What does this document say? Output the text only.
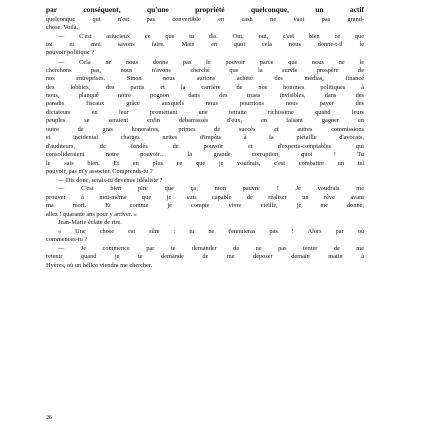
par conséquent, qu'une propriété quelconque, un actif
quelconque qui n'est pas convertible en cash ne vaut pas grand-
chose. Voilà.
— C'est astucieux ce que tu dis. Oui, oui, c'est bien ce que
toi et moi savons faire. Mais en quoi cela nous donne-t-il le
pouvoir politique ?
— Cela ne nous donne pas le pouvoir parce que nous ne le
cherchons pas, nous n'avons cherché que la survie prospère de
nos entreprises. Sinon nous aurions acheté des médias, financé
des lobbies, des partis et la carrière de nos hommes politiques à
nous, planqué notre pognon dans des trusts invisibles, dans des
paradis fiscaux grâce auxquels nous pourrions nous payer des
dictateurs en leur promettant une retraite richissime quand leurs
peuples se seraient enfin débarrassés d'eux, en faisant gagner en
outre de gras honoraires, primes de succès et autres commissions
et incidental charges nettes d'impôts à la piétaille d'avocats,
d'auditeurs, de fondés de pouvoir et d'experts-comptables qui
consolideraient notre pouvoir… la grande corruption, quoi ! Tu
le sais bien. Et en plus ce que je voudrais, c'est combattre un tel
pouvoir, pas m'y associer. Comprends-tu ?
— Dis donc, serais-tu devenue idéaliste ?
— C'est bien pire que ça, mon pauvre ! Je voudrais me
prouver à moi-même que je suis capable de réaliser un rêve avant
ma mort. Et comme je compte vivre vieille, je me donne,
allez ! quarante ans pour y arriver. »
Jean-Marie éclate de rire.
« Une chose est sûre : tu ne t'ennuieras pas ! Alors par où
commences-tu ?
— Je commence par te demander de ne pas tenter de me
retenir quand je te demande de me déposer demain matin à
Hyères, où un hélico viendra me chercher.
26
